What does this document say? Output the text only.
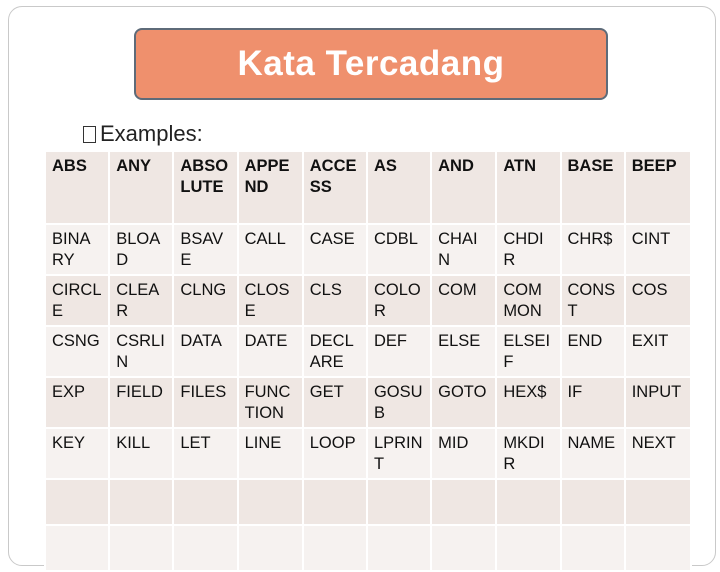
Kata Tercadang
Examples:
ABS	ANY	ABSOLUTE	APPEND	ACCESS	AS	AND	ATN	BASE	BEEP
BINARY	BLOAD	BSAVE	CALL	CASE	CDBL	CHAIN	CHDIR	CHR$	CINT
CIRCLE	CLEAR	CLNG	CLOSE	CLS	COLOR	COM	COMMON	CONST	COS
CSNG	CSRLIN	DATA	DATE	DECLARE	DEF	ELSE	ELSEIF	END	EXIT
EXP	FIELD	FILES	FUNCTION	GET	GOSUB	GOTO	HEX$	IF	INPUT
KEY	KILL	LET	LINE	LOOP	LPRINT	MID	MKDIR	NAME	NEXT
